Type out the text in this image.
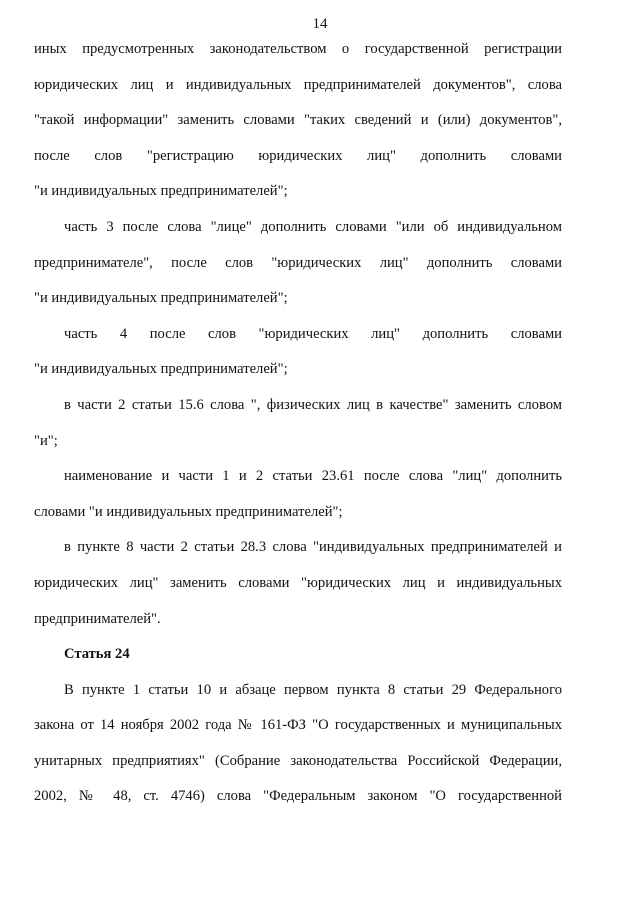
14

иных предусмотренных законодательством о государственной регистрации

юридических лиц и индивидуальных предпринимателей документов", слова

"такой информации" заменить словами "таких сведений и (или) документов",

после слов "регистрацию юридических лиц" дополнить словами

"и индивидуальных предпринимателей";

часть 3 после слова "лице" дополнить словами "или об индивидуальном

предпринимателе", после слов "юридических лиц" дополнить словами

"и индивидуальных предпринимателей";

часть 4 после слов "юридических лиц" дополнить словами

"и индивидуальных предпринимателей";

в части 2 статьи 15.6 слова ", физических лиц в качестве" заменить словом

"и";

наименование и части 1 и 2 статьи 23.61 после слова "лиц" дополнить

словами "и индивидуальных предпринимателей";

в пункте 8 части 2 статьи 28.3 слова "индивидуальных предпринимателей и

юридических лиц" заменить словами "юридических лиц и индивидуальных

предпринимателей".

Статья 24

В пункте 1 статьи 10 и абзаце первом пункта 8 статьи 29 Федерального

закона от 14 ноября 2002 года № 161-ФЗ "О государственных и муниципальных

унитарных предприятиях" (Собрание законодательства Российской Федерации,

2002, № 48, ст. 4746) слова "Федеральным законом "О государственной
